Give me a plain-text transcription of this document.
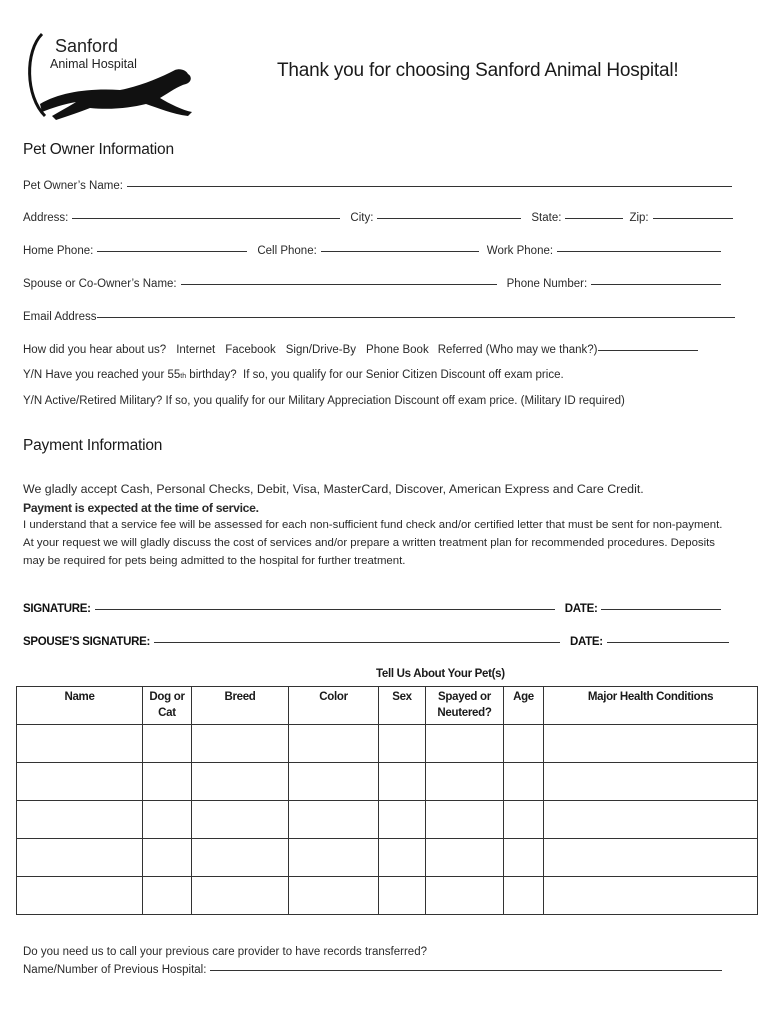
Sanford
Animal Hospital	Thank you for choosing Sanford Animal Hospital!
Pet Owner Information
Pet Owner’s Name:
Address:	City:	State:	Zip:
Home Phone:	Cell Phone:	Work Phone:
Spouse or Co-Owner’s Name:	Phone Number:
Email Address
How did you hear about us? Internet Facebook Sign/Drive-By Phone Book Referred (Who may we thank?)
Y/N Have you reached your 55 th birthday?  If so, you qualify for our Senior Citizen Discount off exam price.
Y/N Active/Retired Military? If so, you qualify for our Military Appreciation Discount off exam price. (Military ID required)
Payment Information
We gladly accept Cash, Personal Checks, Debit, Visa, MasterCard, Discover, American Express and Care Credit.
Payment is expected at the time of service.
I understand that a service fee will be assessed for each non-sufficient fund check and/or certified letter that must be sent for non-payment. At your request we will gladly discuss the cost of services and/or prepare a written treatment plan for recommended procedures. Deposits may be required for pets being admitted to the hospital for further treatment.
SIGNATURE:	DATE:
SPOUSE’S SIGNATURE:	DATE:
Tell Us About Your Pet(s)
Name	Dog or Cat	Breed	Color	Sex	Spayed or Neutered?	Age	Major Health Conditions

Do you need us to call your previous care provider to have records transferred?
Name/Number of Previous Hospital:
